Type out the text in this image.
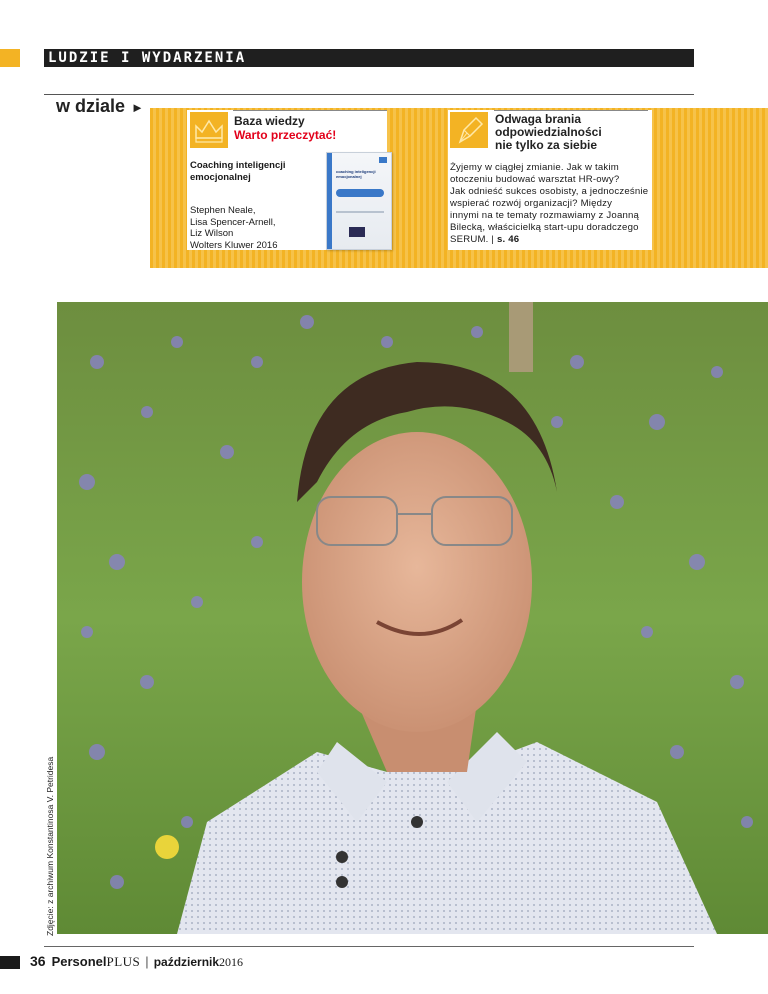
LUDZIE I WYDARZENIA
w dziale ►
Baza wiedzy
Warto przeczytać!
Coaching inteligencji emocjonalnej
Stephen Neale,
Lisa Spencer-Arnell,
Liz Wilson
Wolters Kluwer 2016
coaching inteligencji emocjonalnej
Odwaga brania
odpowiedzialności
nie tylko za siebie
Żyjemy w ciągłej zmianie. Jak w takim
otoczeniu budować warsztat HR-owy?
Jak odnieść sukces osobisty, a jednocześnie
wspierać rozwój organizacji? Między
innymi na te tematy rozmawiamy z Joanną
Bilecką, właścicielką start-upu doradczego
SERUM. | s. 46
Zdjęcie: z archiwum Konstantinosa V. Petridesa
36 PersonelPLUS | październik2016
